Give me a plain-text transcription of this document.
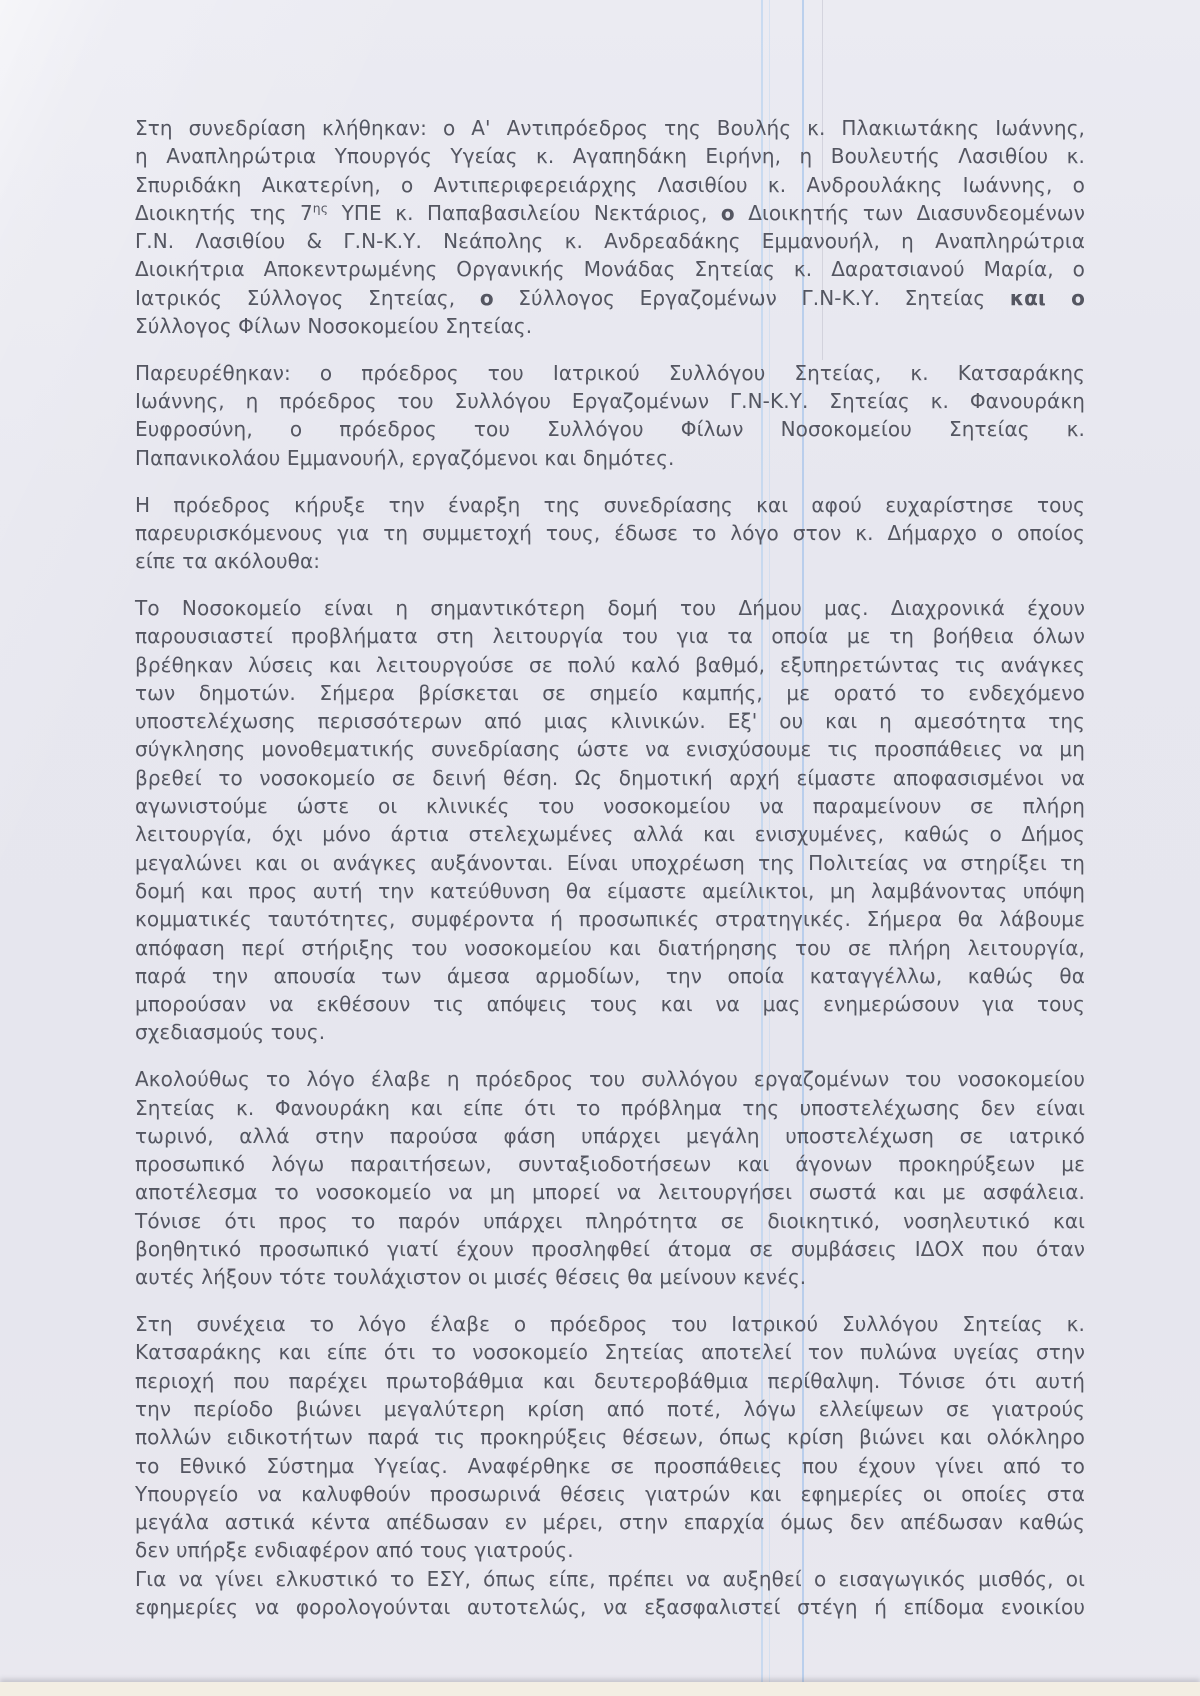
Στη συνεδρίαση κλήθηκαν: ο Α' Αντιπρόεδρος της Βουλής κ. Πλακιωτάκης Ιωάννης,
η Αναπληρώτρια Υπουργός Υγείας κ. Αγαπηδάκη Ειρήνη, η Βουλευτής Λασιθίου κ.
Σπυριδάκη Αικατερίνη, ο Αντιπεριφερειάρχης Λασιθίου κ. Ανδρουλάκης Ιωάννης, ο
Διοικητής της $7^{\eta\varsigma}$ ΥΠΕ κ. Παπαβασιλείου Νεκτάριος, ο Διοικητής των Διασυνδεομένων
Γ.Ν. Λασιθίου & Γ.Ν-Κ.Υ. Νεάπολης κ. Ανδρεαδάκης Εμμανουήλ, η Αναπληρώτρια
Διοικήτρια Αποκεντρωμένης Οργανικής Μονάδας Σητείας κ. Δαρατσιανού Μαρία, ο
Ιατρικός Σύλλογος Σητείας, ο Σύλλογος Εργαζομένων Γ.Ν-Κ.Υ. Σητείας και ο
Σύλλογος Φίλων Νοσοκομείου Σητείας.
Παρευρέθηκαν: ο πρόεδρος του Ιατρικού Συλλόγου Σητείας, κ. Κατσαράκης
Ιωάννης, η πρόεδρος του Συλλόγου Εργαζομένων Γ.Ν-Κ.Υ. Σητείας κ. Φανουράκη
Ευφροσύνη, ο πρόεδρος του Συλλόγου Φίλων Νοσοκομείου Σητείας κ.
Παπανικολάου Εμμανουήλ, εργαζόμενοι και δημότες.
Η πρόεδρος κήρυξε την έναρξη της συνεδρίασης και αφού ευχαρίστησε τους
παρευρισκόμενους για τη συμμετοχή τους, έδωσε το λόγο στον κ. Δήμαρχο ο οποίος
είπε τα ακόλουθα:
Το Νοσοκομείο είναι η σημαντικότερη δομή του Δήμου μας. Διαχρονικά έχουν
παρουσιαστεί προβλήματα στη λειτουργία του για τα οποία με τη βοήθεια όλων
βρέθηκαν λύσεις και λειτουργούσε σε πολύ καλό βαθμό, εξυπηρετώντας τις ανάγκες
των δημοτών. Σήμερα βρίσκεται σε σημείο καμπής, με ορατό το ενδεχόμενο
υποστελέχωσης περισσότερων από μιας κλινικών. Εξ' ου και η αμεσότητα της
σύγκλησης μονοθεματικής συνεδρίασης ώστε να ενισχύσουμε τις προσπάθειες να μη
βρεθεί το νοσοκομείο σε δεινή θέση. Ως δημοτική αρχή είμαστε αποφασισμένοι να
αγωνιστούμε ώστε οι κλινικές του νοσοκομείου να παραμείνουν σε πλήρη
λειτουργία, όχι μόνο άρτια στελεχωμένες αλλά και ενισχυμένες, καθώς ο Δήμος
μεγαλώνει και οι ανάγκες αυξάνονται. Είναι υποχρέωση της Πολιτείας να στηρίξει τη
δομή και προς αυτή την κατεύθυνση θα είμαστε αμείλικτοι, μη λαμβάνοντας υπόψη
κομματικές ταυτότητες, συμφέροντα ή προσωπικές στρατηγικές. Σήμερα θα λάβουμε
απόφαση περί στήριξης του νοσοκομείου και διατήρησης του σε πλήρη λειτουργία,
παρά την απουσία των άμεσα αρμοδίων, την οποία καταγγέλλω, καθώς θα
μπορούσαν να εκθέσουν τις απόψεις τους και να μας ενημερώσουν για τους
σχεδιασμούς τους.
Ακολούθως το λόγο έλαβε η πρόεδρος του συλλόγου εργαζομένων του νοσοκομείου
Σητείας κ. Φανουράκη και είπε ότι το πρόβλημα της υποστελέχωσης δεν είναι
τωρινό, αλλά στην παρούσα φάση υπάρχει μεγάλη υποστελέχωση σε ιατρικό
προσωπικό λόγω παραιτήσεων, συνταξιοδοτήσεων και άγονων προκηρύξεων με
αποτέλεσμα το νοσοκομείο να μη μπορεί να λειτουργήσει σωστά και με ασφάλεια.
Τόνισε ότι προς το παρόν υπάρχει πληρότητα σε διοικητικό, νοσηλευτικό και
βοηθητικό προσωπικό γιατί έχουν προσληφθεί άτομα σε συμβάσεις ΙΔΟΧ που όταν
αυτές λήξουν τότε τουλάχιστον οι μισές θέσεις θα μείνουν κενές.
Στη συνέχεια το λόγο έλαβε ο πρόεδρος του Ιατρικού Συλλόγου Σητείας κ.
Κατσαράκης και είπε ότι το νοσοκομείο Σητείας αποτελεί τον πυλώνα υγείας στην
περιοχή που παρέχει πρωτοβάθμια και δευτεροβάθμια περίθαλψη. Τόνισε ότι αυτή
την περίοδο βιώνει μεγαλύτερη κρίση από ποτέ, λόγω ελλείψεων σε γιατρούς
πολλών ειδικοτήτων παρά τις προκηρύξεις θέσεων, όπως κρίση βιώνει και ολόκληρο
το Εθνικό Σύστημα Υγείας. Αναφέρθηκε σε προσπάθειες που έχουν γίνει από το
Υπουργείο να καλυφθούν προσωρινά θέσεις γιατρών και εφημερίες οι οποίες στα
μεγάλα αστικά κέντα απέδωσαν εν μέρει, στην επαρχία όμως δεν απέδωσαν καθώς
δεν υπήρξε ενδιαφέρον από τους γιατρούς.
Για να γίνει ελκυστικό το ΕΣΥ, όπως είπε, πρέπει να αυξηθεί ο εισαγωγικός μισθός, οι
εφημερίες να φορολογούνται αυτοτελώς, να εξασφαλιστεί στέγη ή επίδομα ενοικίου
